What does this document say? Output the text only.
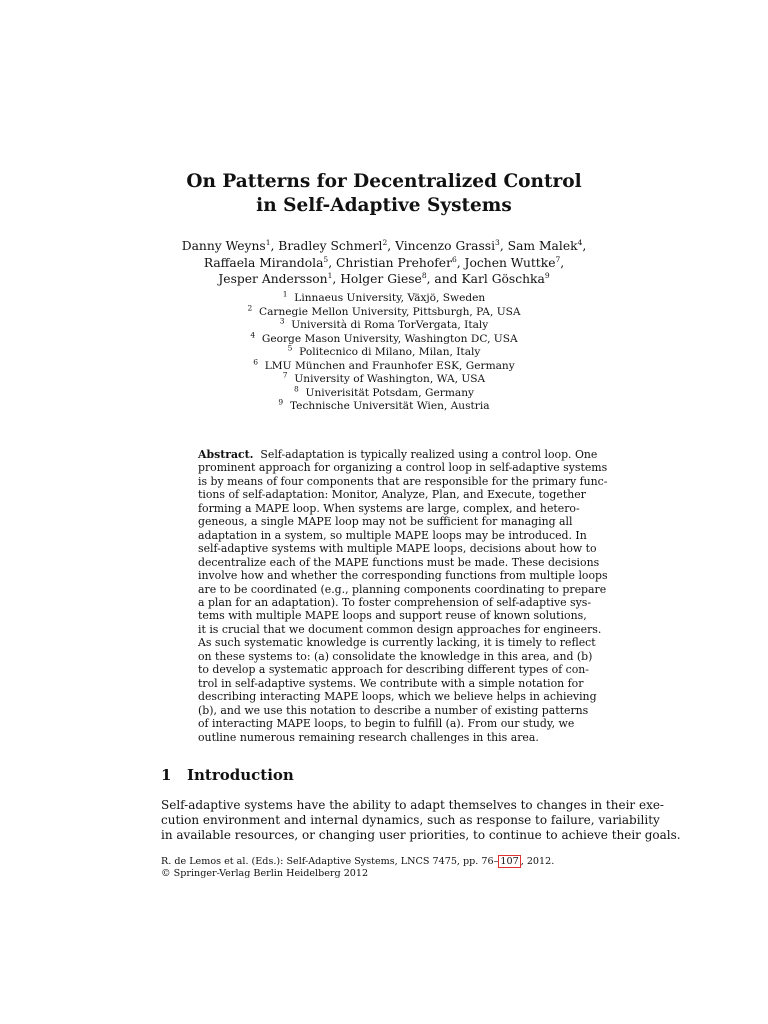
On Patterns for Decentralized Control
in Self-Adaptive Systems
Danny Weyns$^1$, Bradley Schmerl$^2$, Vincenzo Grassi$^3$, Sam Malek$^4$,
Raffaela Mirandola$^5$, Christian Prehofer$^6$, Jochen Wuttke$^7$,
Jesper Andersson$^1$, Holger Giese$^8$, and Karl Göschka$^9$
$^1$ Linnaeus University, Växjö, Sweden
$^2$ Carnegie Mellon University, Pittsburgh, PA, USA
$^3$ Università di Roma TorVergata, Italy
$^4$ George Mason University, Washington DC, USA
$^5$ Politecnico di Milano, Milan, Italy
$^6$ LMU München and Fraunhofer ESK, Germany
$^7$ University of Washington, WA, USA
$^8$ Univerisität Potsdam, Germany
$^9$ Technische Universität Wien, Austria
Abstract. Self-adaptation is typically realized using a control loop. One
prominent approach for organizing a control loop in self-adaptive systems
is by means of four components that are responsible for the primary func-
tions of self-adaptation: Monitor, Analyze, Plan, and Execute, together
forming a MAPE loop. When systems are large, complex, and hetero-
geneous, a single MAPE loop may not be sufficient for managing all
adaptation in a system, so multiple MAPE loops may be introduced. In
self-adaptive systems with multiple MAPE loops, decisions about how to
decentralize each of the MAPE functions must be made. These decisions
involve how and whether the corresponding functions from multiple loops
are to be coordinated (e.g., planning components coordinating to prepare
a plan for an adaptation). To foster comprehension of self-adaptive sys-
tems with multiple MAPE loops and support reuse of known solutions,
it is crucial that we document common design approaches for engineers.
As such systematic knowledge is currently lacking, it is timely to reflect
on these systems to: (a) consolidate the knowledge in this area, and (b)
to develop a systematic approach for describing different types of con-
trol in self-adaptive systems. We contribute with a simple notation for
describing interacting MAPE loops, which we believe helps in achieving
(b), and we use this notation to describe a number of existing patterns
of interacting MAPE loops, to begin to fulfill (a). From our study, we
outline numerous remaining research challenges in this area.
1 Introduction
Self-adaptive systems have the ability to adapt themselves to changes in their exe-
cution environment and internal dynamics, such as response to failure, variability
in available resources, or changing user priorities, to continue to achieve their goals.
R. de Lemos et al. (Eds.): Self-Adaptive Systems, LNCS 7475, pp. 76– 107 , 2012.
© Springer-Verlag Berlin Heidelberg 2012
